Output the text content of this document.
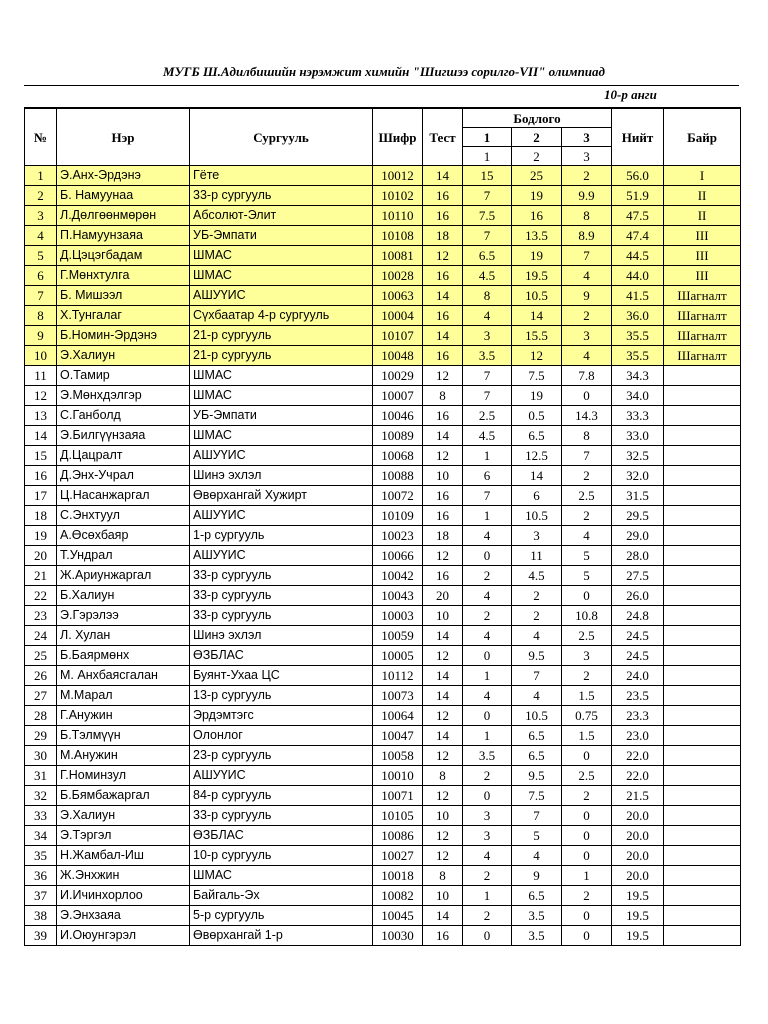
МУГБ Ш.Адилбишийн нэрэмжит химийн "Шигшээ сорилго-VII" олимпиад
10-р анги
№	Нэр	Сургууль	Шифр	Тест	Бодлого			Нийт	Байр
					1	2	3		
					1	2	3		
1	Э.Анх-Эрдэнэ	Гёте	10012	14	15	25	2	56.0	I
2	Б. Намуунаа	33-р сургууль	10102	16	7	19	9.9	51.9	II
3	Л.Дөлгөөнмөрөн	Абсолют-Элит	10110	16	7.5	16	8	47.5	II
4	П.Намуунзаяа	УБ-Эмпати	10108	18	7	13.5	8.9	47.4	III
5	Д.Цэцэгбадам	ШМАС	10081	12	6.5	19	7	44.5	III
6	Г.Мөнхтулга	ШМАС	10028	16	4.5	19.5	4	44.0	III
7	Б. Мишээл	АШУҮИС	10063	14	8	10.5	9	41.5	Шагналт
8	Х.Тунгалаг	Сүхбаатар 4-р сургууль	10004	16	4	14	2	36.0	Шагналт
9	Б.Номин-Эрдэнэ	21-р сургууль	10107	14	3	15.5	3	35.5	Шагналт
10	Э.Халиун	21-р сургууль	10048	16	3.5	12	4	35.5	Шагналт
11	О.Тамир	ШМАС	10029	12	7	7.5	7.8	34.3	
12	Э.Мөнхдэлгэр	ШМАС	10007	8	7	19	0	34.0	
13	С.Ганболд	УБ-Эмпати	10046	16	2.5	0.5	14.3	33.3	
14	Э.Билгүүнзаяа	ШМАС	10089	14	4.5	6.5	8	33.0	
15	Д.Цацралт	АШУҮИС	10068	12	1	12.5	7	32.5	
16	Д.Энх-Учрал	Шинэ эхлэл	10088	10	6	14	2	32.0	
17	Ц.Насанжаргал	Өвөрхангай Хужирт	10072	16	7	6	2.5	31.5	
18	С.Энхтуул	АШУҮИС	10109	16	1	10.5	2	29.5	
19	А.Өсөхбаяр	1-р сургууль	10023	18	4	3	4	29.0	
20	Т.Ундрал	АШУҮИС	10066	12	0	11	5	28.0	
21	Ж.Ариунжаргал	33-р сургууль	10042	16	2	4.5	5	27.5	
22	Б.Халиун	33-р сургууль	10043	20	4	2	0	26.0	
23	Э.Гэрэлээ	33-р сургууль	10003	10	2	2	10.8	24.8	
24	Л. Хулан	Шинэ эхлэл	10059	14	4	4	2.5	24.5	
25	Б.Баярмөнх	ӨЗБЛАС	10005	12	0	9.5	3	24.5	
26	М. Анхбаясгалан	Буянт-Ухаа ЦС	10112	14	1	7	2	24.0	
27	М.Марал	13-р сургууль	10073	14	4	4	1.5	23.5	
28	Г.Анужин	Эрдэмтэгс	10064	12	0	10.5	0.75	23.3	
29	Б.Тэлмүүн	Олонлог	10047	14	1	6.5	1.5	23.0	
30	М.Анужин	23-р сургууль	10058	12	3.5	6.5	0	22.0	
31	Г.Номинзул	АШУҮИС	10010	8	2	9.5	2.5	22.0	
32	Б.Бямбажаргал	84-р сургууль	10071	12	0	7.5	2	21.5	
33	Э.Халиун	33-р сургууль	10105	10	3	7	0	20.0	
34	Э.Тэргэл	ӨЗБЛАС	10086	12	3	5	0	20.0	
35	Н.Жамбал-Иш	10-р сургууль	10027	12	4	4	0	20.0	
36	Ж.Энхжин	ШМАС	10018	8	2	9	1	20.0	
37	И.Ичинхорлоо	Байгаль-Эх	10082	10	1	6.5	2	19.5	
38	Э.Энхзаяа	5-р сургууль	10045	14	2	3.5	0	19.5	
39	И.Оюунгэрэл	Өвөрхангай 1-р	10030	16	0	3.5	0	19.5	
